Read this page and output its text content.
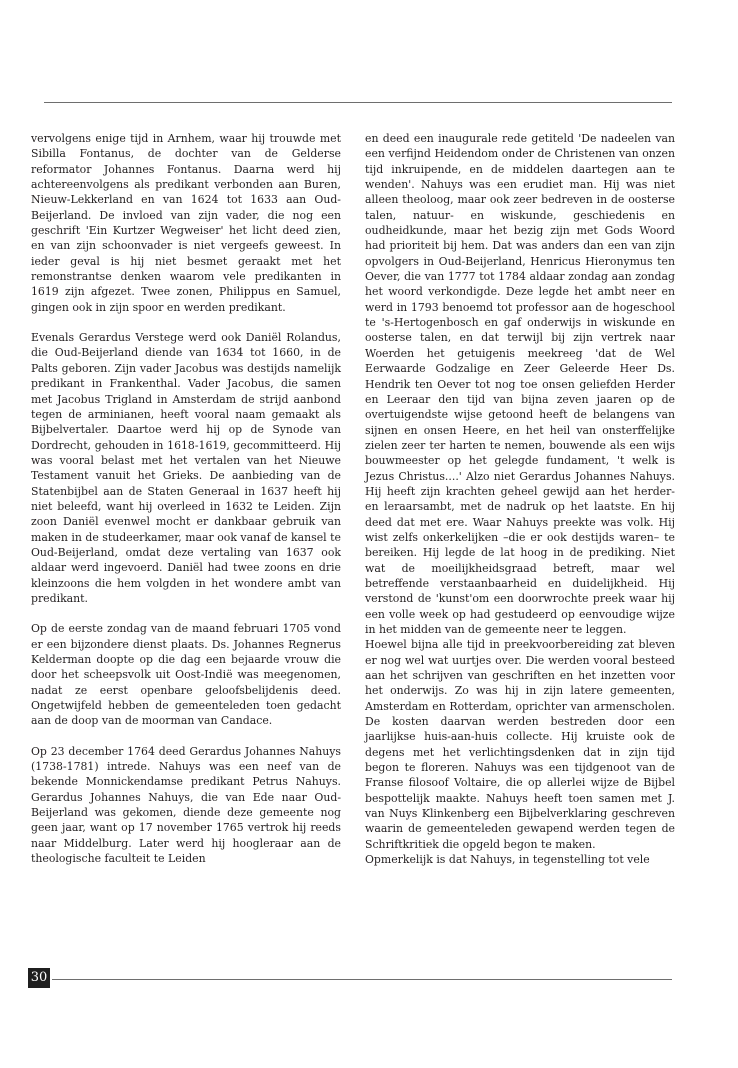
vervolgens enige tijd in Arnhem, waar hij trouwde met Sibilla Fontanus, de dochter van de Gelderse reformator Johannes Fontanus. Daarna werd hij achtereenvolgens als predikant verbonden aan Buren, Nieuw-Lekkerland en van 1624 tot 1633 aan Oud-Beijerland. De invloed van zijn vader, die nog een geschrift 'Ein Kurtzer Wegweiser' het licht deed zien, en van zijn schoonvader is niet vergeefs geweest. In ieder geval is hij niet besmet geraakt met het remonstrantse denken waarom vele predikanten in 1619 zijn afgezet. Twee zonen, Philippus en Samuel, gingen ook in zijn spoor en werden predikant.

Evenals Gerardus Verstege werd ook Daniël Rolandus, die Oud-Beijerland diende van 1634 tot 1660, in de Palts geboren. Zijn vader Jacobus was destijds namelijk predikant in Frankenthal. Vader Jacobus, die samen met Jacobus Trigland in Amsterdam de strijd aanbond tegen de arminianen, heeft vooral naam gemaakt als Bijbelvertaler. Daartoe werd hij op de Synode van Dordrecht, gehouden in 1618-1619, gecommitteerd. Hij was vooral belast met het vertalen van het Nieuwe Testament vanuit het Grieks. De aanbieding van de Statenbijbel aan de Staten Generaal in 1637 heeft hij niet beleefd, want hij overleed in 1632 te Leiden. Zijn zoon Daniël evenwel mocht er dankbaar gebruik van maken in de studeerkamer, maar ook vanaf de kansel te Oud-Beijerland, omdat deze vertaling van 1637 ook aldaar werd ingevoerd. Daniël had twee zoons en drie kleinzoons die hem volgden in het wondere ambt van predikant.

Op de eerste zondag van de maand februari 1705 vond er een bijzondere dienst plaats. Ds. Johannes Regnerus Kelderman doopte op die dag een bejaarde vrouw die door het scheepsvolk uit Oost-Indië was meegenomen, nadat ze eerst openbare geloofsbelijdenis deed. Ongetwijfeld hebben de gemeenteleden toen gedacht aan de doop van de moorman van Candace.

Op 23 december 1764 deed Gerardus Johannes Nahuys (1738-1781) intrede. Nahuys was een neef van de bekende Monnickendamse predikant Petrus Nahuys. Gerardus Johannes Nahuys, die van Ede naar Oud-Beijerland was gekomen, diende deze gemeente nog geen jaar, want op 17 november 1765 vertrok hij reeds naar Middelburg. Later werd hij hoogleraar aan de theologische faculteit te Leiden

en deed een inaugurale rede getiteld 'De nadeelen van een verfijnd Heidendom onder de Christenen van onzen tijd inkruipende, en de middelen daartegen aan te wenden'. Nahuys was een erudiet man. Hij was niet alleen theoloog, maar ook zeer bedreven in de oosterse talen, natuur- en wiskunde, geschiedenis en oudheidkunde, maar het bezig zijn met Gods Woord had prioriteit bij hem. Dat was anders dan een van zijn opvolgers in Oud-Beijerland, Henricus Hieronymus ten Oever, die van 1777 tot 1784 aldaar zondag aan zondag het woord verkondigde. Deze legde het ambt neer en werd in 1793 benoemd tot professor aan de hogeschool te 's-Hertogenbosch en gaf onderwijs in wiskunde en oosterse talen, en dat terwijl bij zijn vertrek naar Woerden het getuigenis meekreeg 'dat de Wel Eerwaarde Godzalige en Zeer Geleerde Heer Ds. Hendrik ten Oever tot nog toe onsen geliefden Herder en Leeraar den tijd van bijna zeven jaaren op de overtuigendste wijse getoond heeft de belangens van sijnen en onsen Heere, en het heil van onsterffelijke zielen zeer ter harten te nemen, bouwende als een wijs bouwmeester op het gelegde fundament, 't welk is Jezus Christus....' Alzo niet Gerardus Johannes Nahuys. Hij heeft zijn krachten geheel gewijd aan het herder- en leraarsambt, met de nadruk op het laatste. En hij deed dat met ere. Waar Nahuys preekte was volk. Hij wist zelfs onkerkelijken –die er ook destijds waren– te bereiken. Hij legde de lat hoog in de prediking. Niet wat de moeilijkheidsgraad betreft, maar wel betreffende verstaanbaarheid en duidelijkheid. Hij verstond de 'kunst'om een doorwrochte preek waar hij een volle week op had gestudeerd op eenvoudige wijze in het midden van de gemeente neer te leggen.

Hoewel bijna alle tijd in preekvoorbereiding zat bleven er nog wel wat uurtjes over. Die werden vooral besteed aan het schrijven van geschriften en het inzetten voor het onderwijs. Zo was hij in zijn latere gemeenten, Amsterdam en Rotterdam, oprichter van armenscholen. De kosten daarvan werden bestreden door een jaarlijkse huis-aan-huis collecte. Hij kruiste ook de degens met het verlichtingsdenken dat in zijn tijd begon te floreren. Nahuys was een tijdgenoot van de Franse filosoof Voltaire, die op allerlei wijze de Bijbel bespottelijk maakte. Nahuys heeft toen samen met J. van Nuys Klinkenberg een Bijbelverklaring geschreven waarin de gemeenteleden gewapend werden tegen de Schriftkritiek die opgeld begon te maken.

Opmerkelijk is dat Nahuys, in tegenstelling tot vele

30
